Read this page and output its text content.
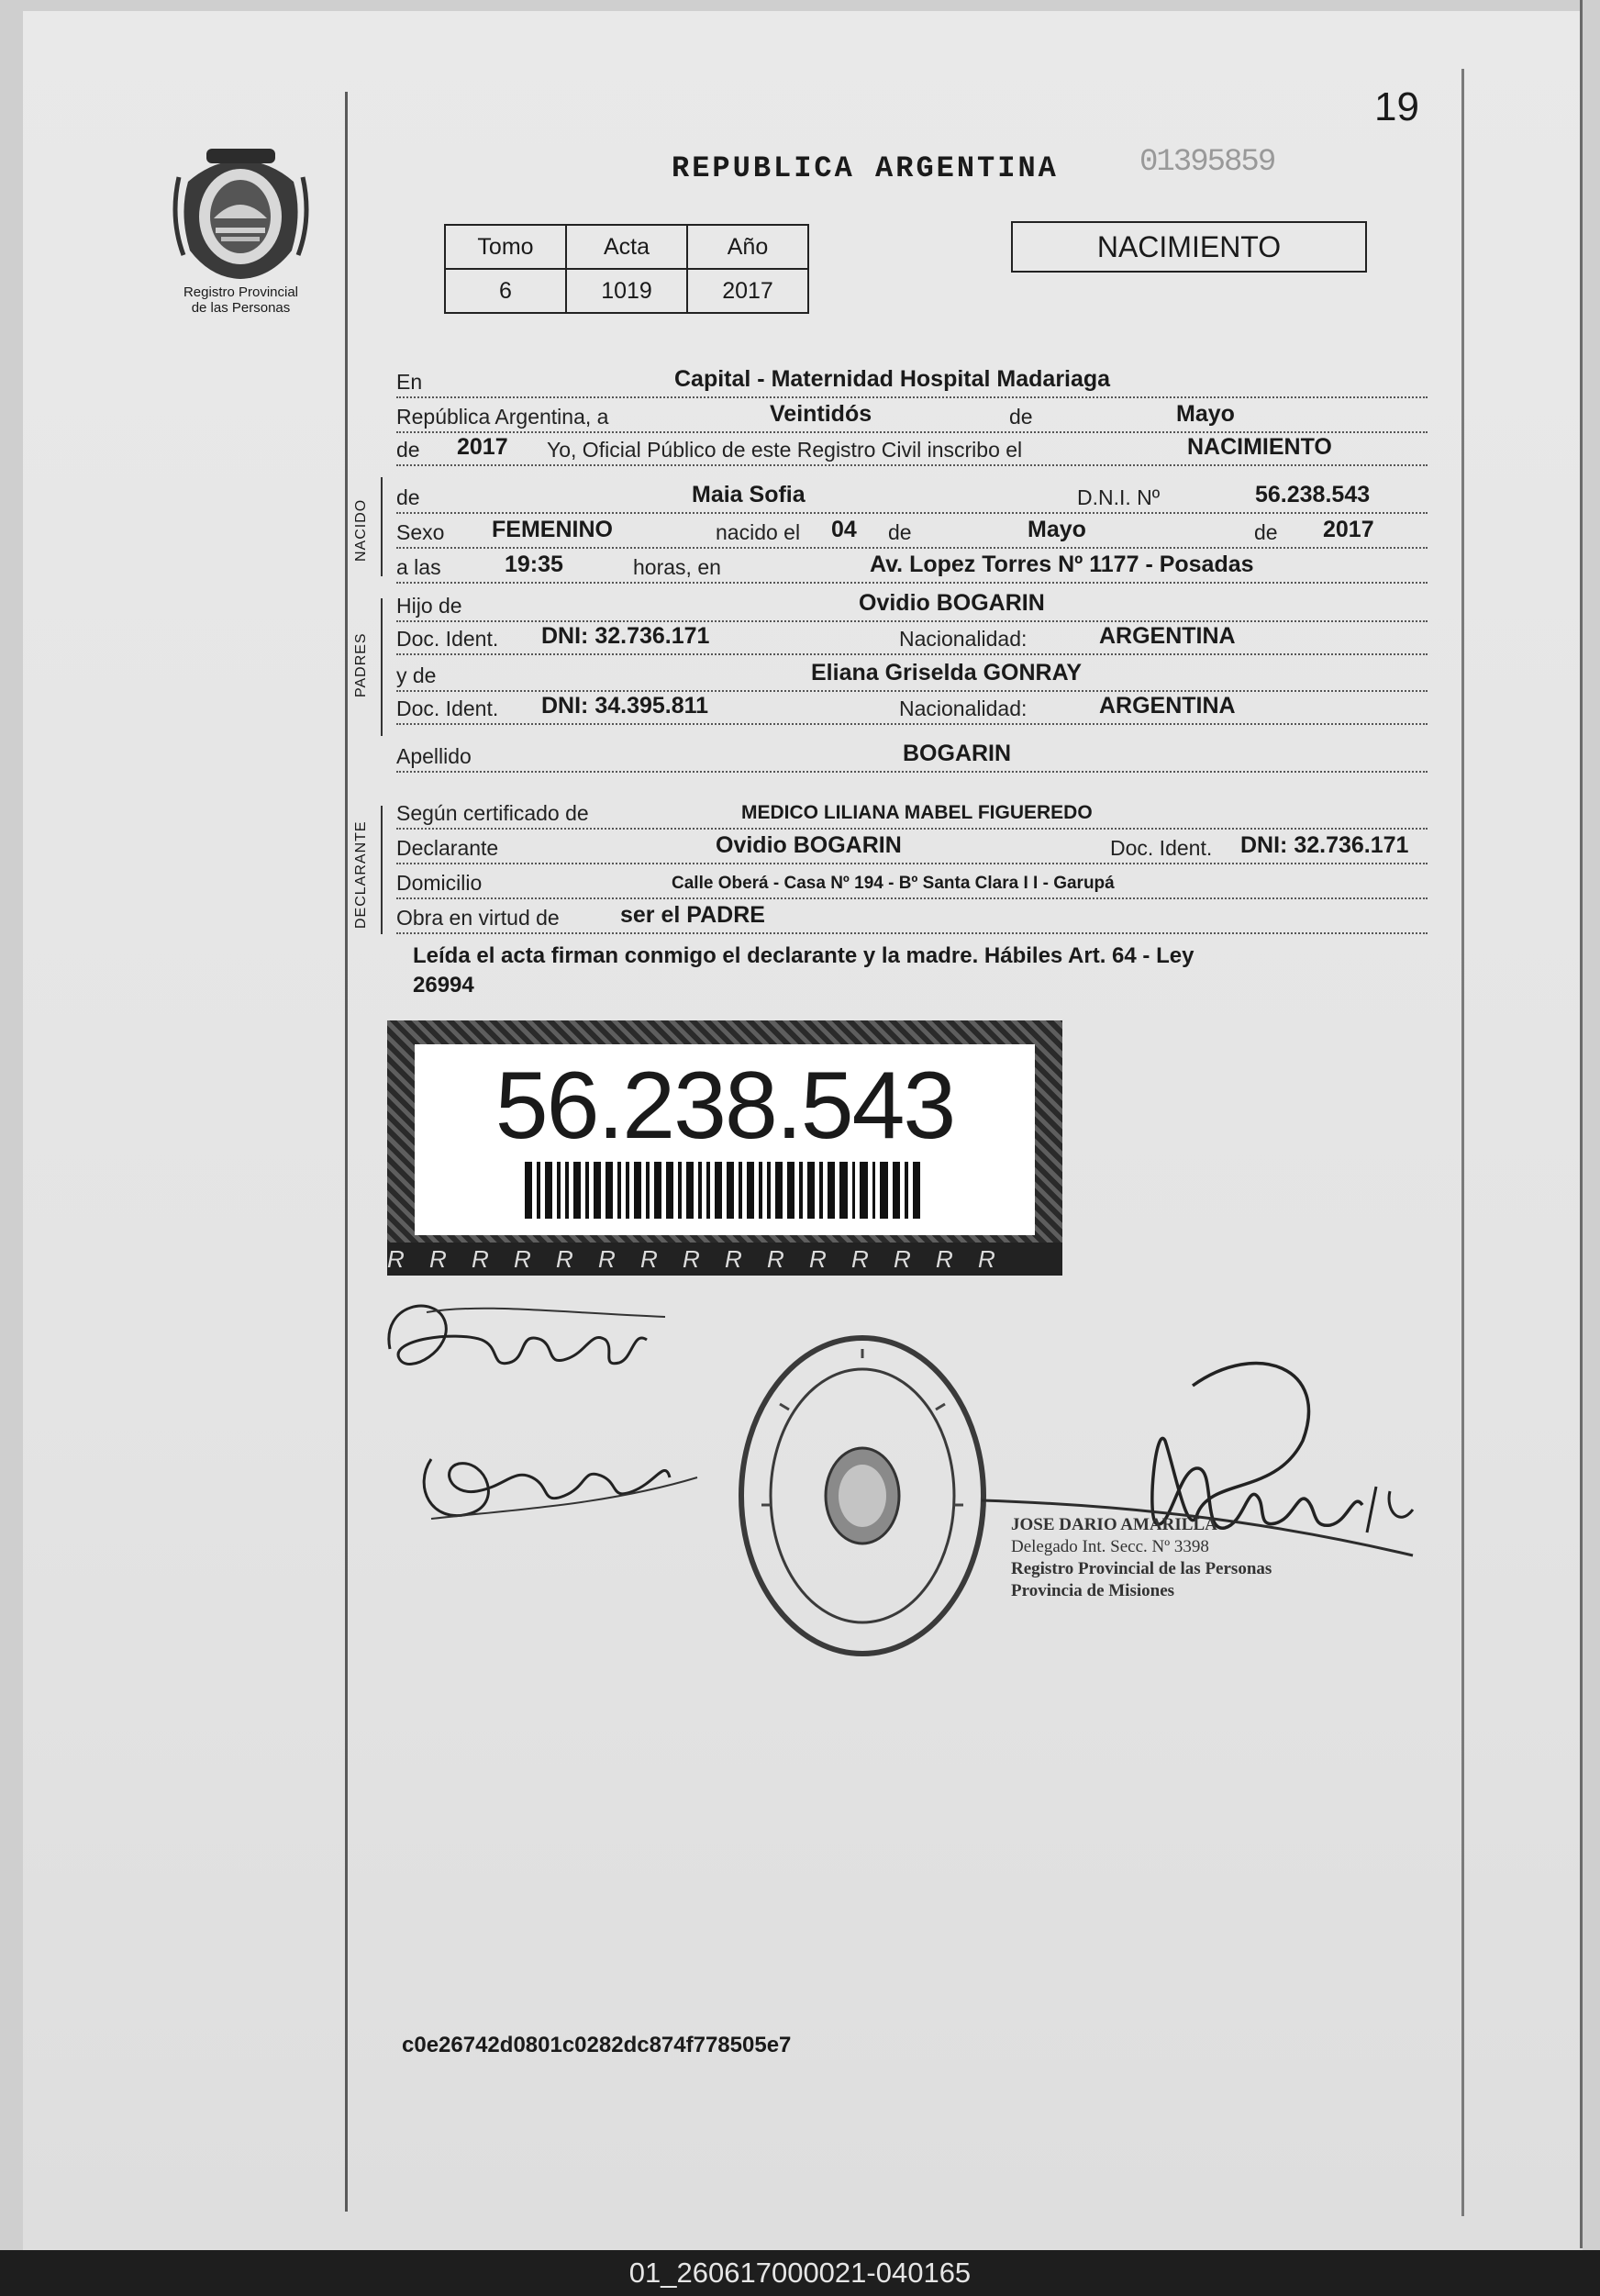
19
Registro Provincial
de las Personas
REPUBLICA ARGENTINA	01395859
Tomo	Acta	Año
6	1019	2017
NACIMIENTO
En	Capital - Maternidad Hospital Madariaga
República Argentina, a	Veintidós	de	Mayo
de 2017 Yo, Oficial Público de este Registro Civil inscribo el	NACIMIENTO
NACIDO
de	Maia Sofia	D.N.I. Nº	56.238.543
Sexo FEMENINO	nacido el 04 de	Mayo	de 2017
a las	19:35	horas, en	Av. Lopez Torres Nº 1177 - Posadas
PADRES
Hijo de	Ovidio BOGARIN
Doc. Ident. DNI: 32.736.171	Nacionalidad:	ARGENTINA
y de	Eliana Griselda GONRAY
Doc. Ident. DNI: 34.395.811	Nacionalidad:	ARGENTINA
Apellido	BOGARIN
DECLARANTE
Según certificado de	MEDICO LILIANA MABEL FIGUEREDO
Declarante	Ovidio BOGARIN	Doc. Ident. DNI: 32.736.171
Domicilio	Calle Oberá - Casa Nº 194 - Bº Santa Clara I I - Garupá
Obra en virtud de	ser el PADRE
Leída el acta firman conmigo el declarante y la madre. Hábiles Art. 64 - Ley
26994
56.238.543
R R R R R R R R R R R R R R R
JOSE DARIO AMARILLA
Delegado Int. Secc. Nº 3398
Registro Provincial de las Personas
Provincia de Misiones
c0e26742d0801c0282dc874f778505e7
01_260617000021-040165
